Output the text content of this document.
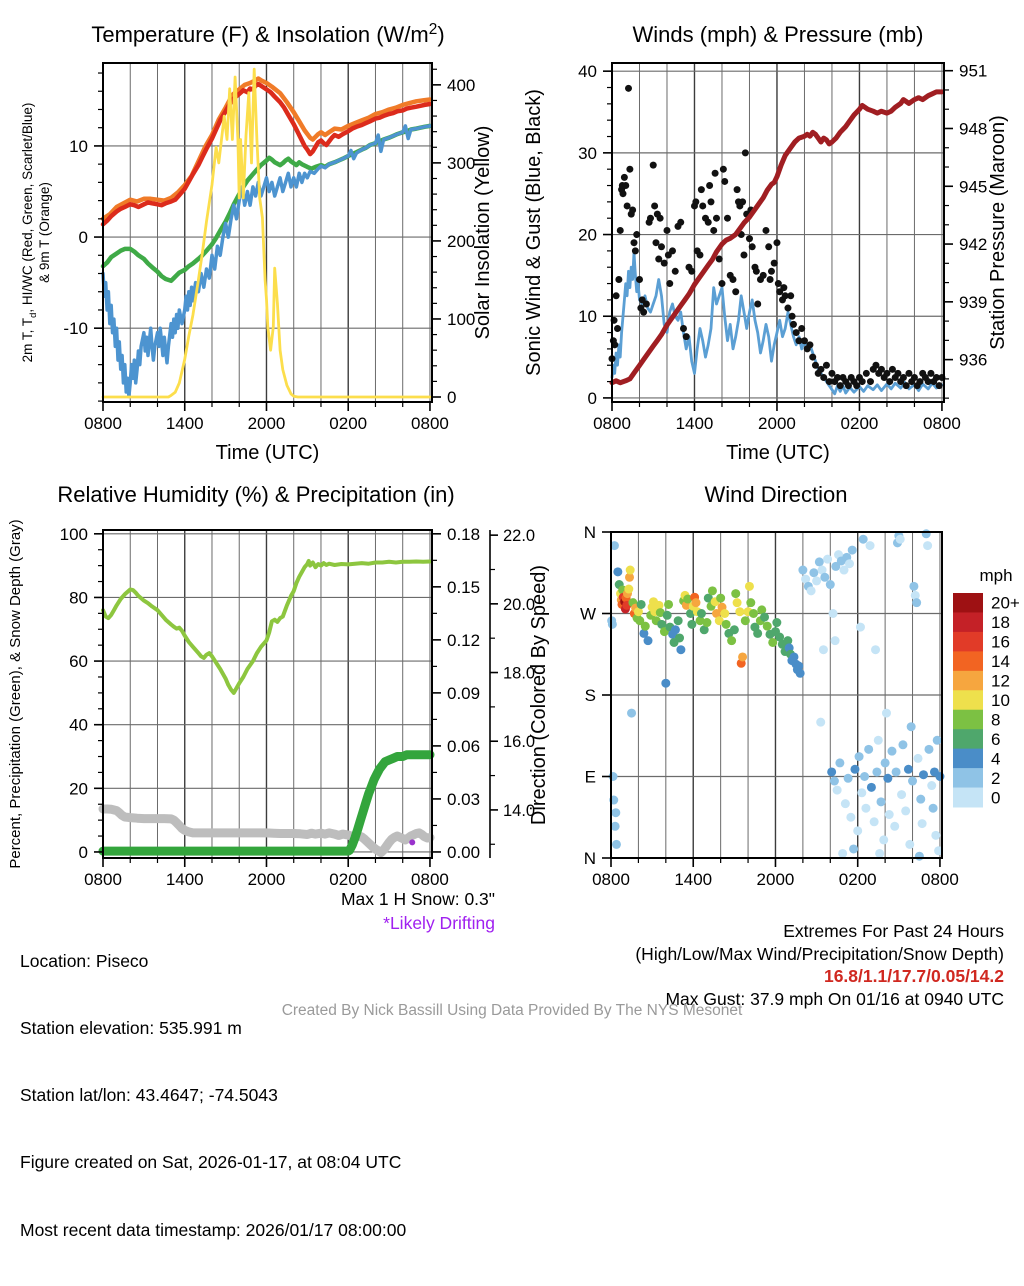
0800	1400	2000	0200	0800
Time (UTC)
10
0
-10
2m T, $T_d$, HI/WC (Red, Green, Scarlet/Blue) & 9m T (Orange)
0
100
200
300
400
Solar Insolation (Yellow)
Temperature (F) & Insolation $(W/m^2)$
0800	1400	2000	0200	0800
Time (UTC)
40
30
20
10
0
Sonic Wind & Gust (Blue, Black)
951
948
945
942
939
936
Station Pressure (Maroon)
Winds (mph) & Pressure (mb)
0800	1400	2000	0200	0800
100
80
60
40
20
0
Percent, Precipitation (Green), & Snow Depth (Gray)	0.18
0.15
0.12
0.09
0.06
0.03
0.00
22.0
20.0
18.0
16.0
14.0
Relative Humidity (%) & Precipitation (in)
0800	1400	2000	0200	0800
N
W
S
E
N
Direction (Colored By Speed)	mph
20+
18
16
14
12
10
8
6
4
2
0
Wind Direction

Location: Piseco

Station elevation: 535.991 m

Station lat/lon: 43.4647; -74.5043

Figure created on Sat, 2026-01-17, at 08:04 UTC

Most recent data timestamp: 2026/01/17 08:00:00

Max 1 H Snow: 0.3"
*Likely Drifting	Extremes For Past 24 Hours
(High/Low/Max Wind/Precipitation/Snow Depth)
16.8/1.1/17.7/0.05/14.2
Max Gust: 37.9 mph On 01/16 at 0940 UTC
Created By Nick Bassill Using Data Provided By The NYS Mesonet
